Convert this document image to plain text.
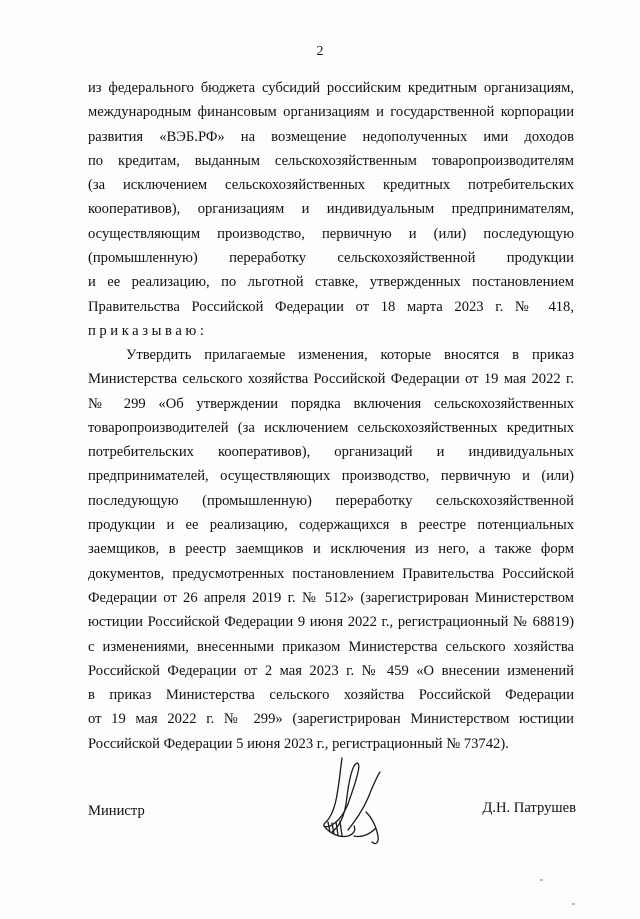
2
из федерального бюджета субсидий российским кредитным организациям,
международным финансовым организациям и государственной корпорации
развития «ВЭБ.РФ» на возмещение недополученных ими доходов
по кредитам, выданным сельскохозяйственным товаропроизводителям
(за исключением сельскохозяйственных кредитных потребительских
кооперативов), организациям и индивидуальным предпринимателям,
осуществляющим производство, первичную и (или) последующую
(промышленную) переработку сельскохозяйственной продукции
и ее реализацию, по льготной ставке, утвержденных постановлением
Правительства Российской Федерации от 18 марта 2023 г. № 418,
приказываю:
Утвердить прилагаемые изменения, которые вносятся в приказ
Министерства сельского хозяйства Российской Федерации от 19 мая 2022 г.
№ 299 «Об утверждении порядка включения сельскохозяйственных
товаропроизводителей (за исключением сельскохозяйственных кредитных
потребительских кооперативов), организаций и индивидуальных
предпринимателей, осуществляющих производство, первичную и (или)
последующую (промышленную) переработку сельскохозяйственной
продукции и ее реализацию, содержащихся в реестре потенциальных
заемщиков, в реестр заемщиков и исключения из него, а также форм
документов, предусмотренных постановлением Правительства Российской
Федерации от 26 апреля 2019 г. № 512» (зарегистрирован Министерством
юстиции Российской Федерации 9 июня 2022 г., регистрационный № 68819)
с изменениями, внесенными приказом Министерства сельского хозяйства
Российской Федерации от 2 мая 2023 г. № 459 «О внесении изменений
в приказ Министерства сельского хозяйства Российской Федерации
от 19 мая 2022 г. № 299» (зарегистрирован Министерством юстиции
Российской Федерации 5 июня 2023 г., регистрационный № 73742).
Министр	Д.Н. Патрушев
